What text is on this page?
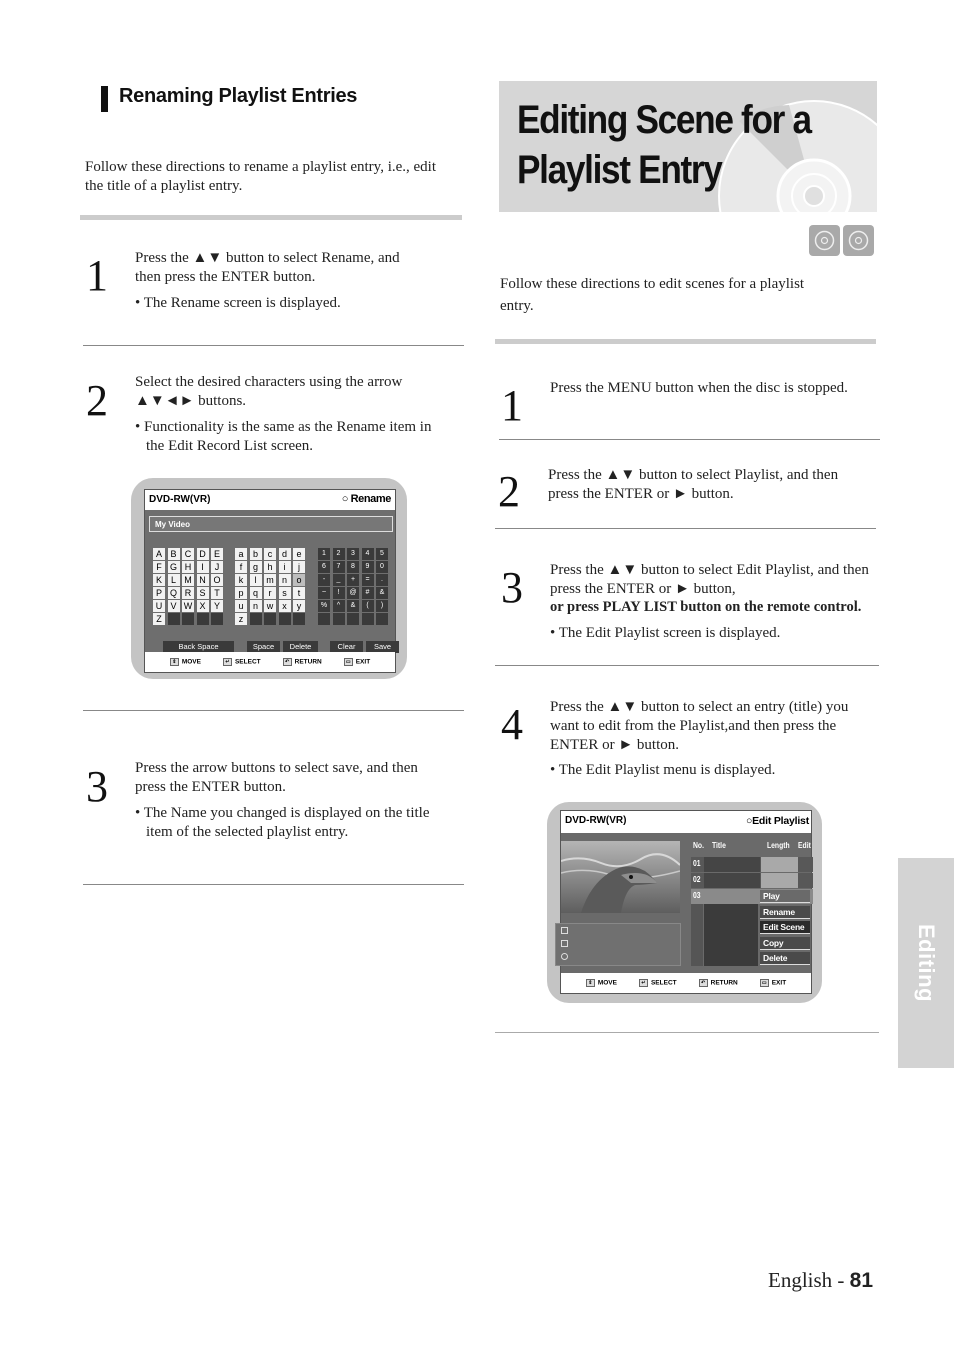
Renaming Playlist Entries
Follow these directions to rename a playlist entry, i.e., edit the title of a playlist entry.
1 Press the ▲▼ button to select Rename, and then press the ENTER button.
• The Rename screen is displayed.
2 Select the desired characters using the arrow ▲▼◄► buttons.
• Functionality is the same as the Rename item in the Edit Record List screen.
DVD-RW(VR)	○ Rename
My Video
A B C D E
F G H	I	J
K L M N O
P Q R S T
U V W X Y
Z
a	b	c	d	e
f	g	h	i	j
k	l	m n	o
p	q	r	s	t
u	n w	x	y
z
1	2	3	4	5
6	7	8	9	0
-	_	+	=	.
~	!	@	#	&
%	^	&	(	)
Back Space	Space	Delete	Clear	Save
⇕ MOVE	↵ SELECT	↶ RETURN	▭ EXIT
3 Press the arrow buttons to select save, and then press the ENTER button.
• The Name you changed is displayed on the title item of the selected playlist entry.
Editing Scene for a
Playlist Entry
Follow these directions to edit scenes for a playlist entry.
1 Press the MENU button when the disc is stopped.
2 Press the ▲▼ button to select Playlist, and then press the ENTER or ► button.
3 Press the ▲▼ button to select Edit Playlist, and then press the ENTER or ► button,
or press PLAY LIST button on the remote control.
• The Edit Playlist screen is displayed.
4 Press the ▲▼ button to select an entry (title) you want to edit from the Playlist,and then press the ENTER or ► button.
• The Edit Playlist menu is displayed.
DVD-RW(VR)	○Edit Playlist
No. Title	Length Edit
01
02
03	Play
Rename
Edit Scene
Copy
Delete
⇕ MOVE	↵ SELECT	↶ RETURN	▭ EXIT	Editing
English - 81
